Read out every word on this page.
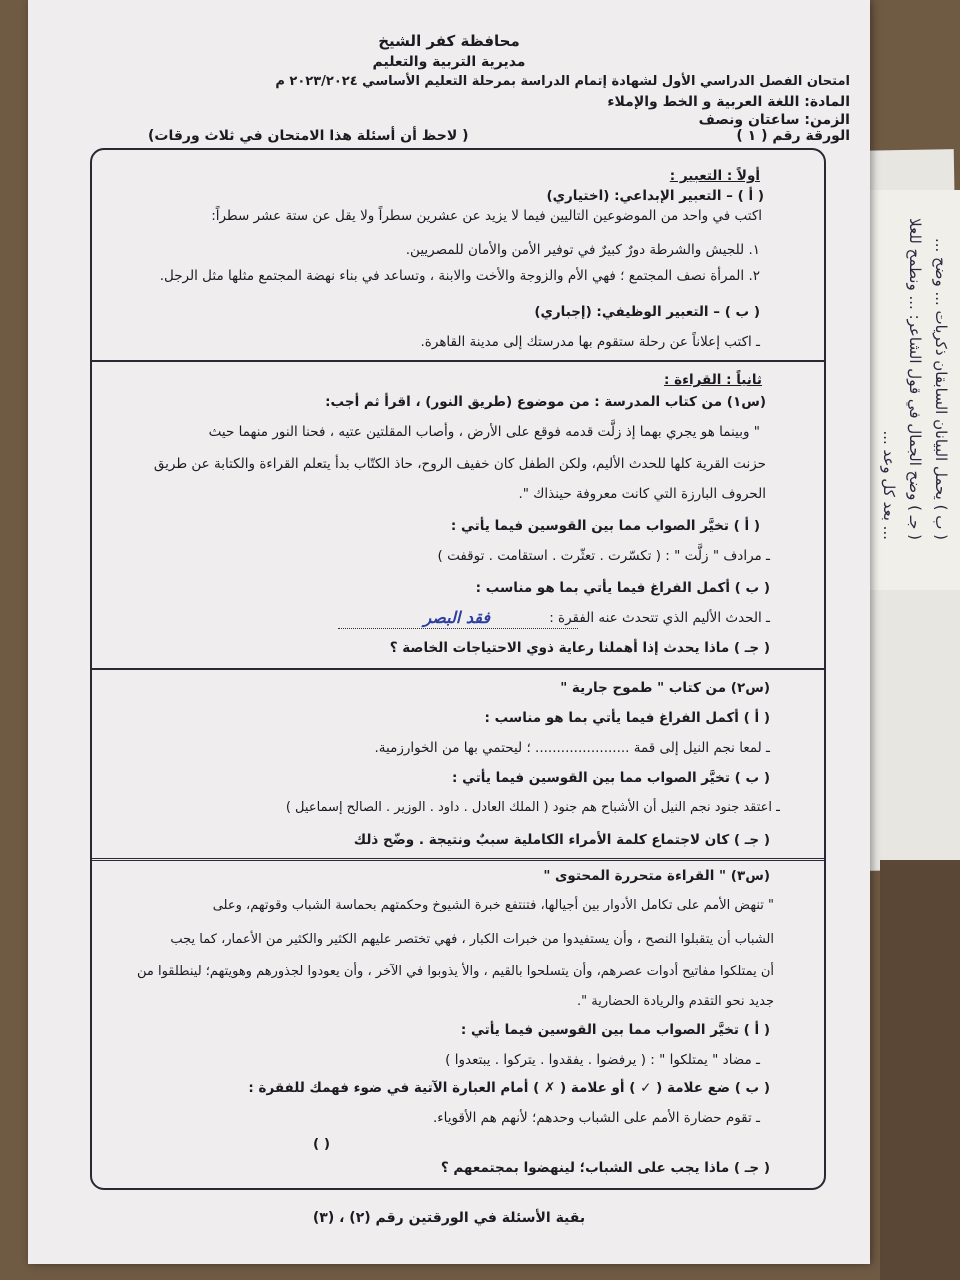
( ب ) يحمل البيانان السابقان ذكريات ... وضح ...
( جـ ) وضح الجمال في قول الشاعر: ... ونطمح للعلا
... بعد كل وعد ...
محافظة كفر الشيخ
مديرية التربية والتعليم
امتحان الفصل الدراسي الأول لشهادة إتمام الدراسة بمرحلة التعليم الأساسي ٢٠٢٣/٢٠٢٤ م
المادة: اللغة العربية و الخط والإملاء
الزمن: ساعتان ونصف
الورقة رقم ( ١ )
( لاحظ أن أسئلة هذا الامتحان في ثلاث ورقات)
أولاً : التعبير :
( أ ) – التعبير الإبداعي: (اختياري)
اكتب في واحد من الموضوعين التاليين فيما لا يزيد عن عشرين سطراً ولا يقل عن ستة عشر سطراً:
١. للجيش والشرطة دورٌ كبيرٌ في توفير الأمن والأمان للمصريين.
٢. المرأة نصف المجتمع ؛ فهي الأم والزوجة والأخت والابنة ، وتساعد في بناء نهضة المجتمع مثلها مثل الرجل.
( ب ) – التعبير الوظيفي: (إجباري)
ـ اكتب إعلاناً عن رحلة ستقوم بها مدرستك إلى مدينة القاهرة.
ثانياً : القراءة :
(س١) من كتاب المدرسة : من موضوع (طريق النور) ، اقرأ ثم أجب:
" وبينما هو يجري بهما إذ زلَّت قدمه فوقع على الأرض ، وأصاب المقلتين عتيه ، فحنا النور منهما حيث
حزنت القرية كلها للحدث الأليم، ولكن الطفل كان خفيف الروح، حاذ الكتّاب بدأ يتعلم القراءة والكتابة عن طريق
الحروف البارزة التي كانت معروفة حينذاك ".
( أ ) تخيَّر الصواب مما بين القوسين فيما يأتي :
ـ مرادف " زلَّت " : ( تكسّرت . تعثّرت . استقامت . توقفت )
( ب ) أكمل الفراغ فيما يأتي بما هو مناسب :
ـ الحدث الأليم الذي تتحدث عنه الفقرة :
فقد البصر
( جـ ) ماذا يحدث إذا أهملنا رعاية ذوي الاحتياجات الخاصة ؟
(س٢) من كتاب " طموح جارية "
( أ ) أكمل الفراغ فيما يأتي بما هو مناسب :
ـ لمعا نجم النيل إلى قمة ...................... ؛ ليحتمي بها من الخوارزمية.
( ب ) تخيَّر الصواب مما بين القوسين فيما يأتي :
ـ اعتقد جنود نجم النيل أن الأشباح هم جنود ( الملك العادل . داود . الوزير . الصالح إسماعيل )
( جـ ) كان لاجتماع كلمة الأمراء الكاملية سببٌ ونتيجة . وضّح ذلك
(س٣) " القراءة متحررة المحتوى "
" تنهض الأمم على تكامل الأدوار بين أجيالها، فتنتفع خبرة الشيوخ وحكمتهم بحماسة الشباب وقوتهم، وعلى
الشباب أن يتقبلوا النصح ، وأن يستفيدوا من خبرات الكبار ، فهي تختصر عليهم الكثير والكثير من الأعمار، كما يجب
أن يمتلكوا مفاتيح أدوات عصرهم، وأن يتسلحوا بالقيم ، والأ يذوبوا في الآخر ، وأن يعودوا لجذورهم وهويتهم؛ لينطلقوا من
جديد نحو التقدم والريادة الحضارية ".
( أ ) تخيَّر الصواب مما بين القوسين فيما يأتي :
ـ مضاد " يمتلكوا " : ( يرفضوا . يفقدوا . يتركوا . يبتعدوا )
( ب ) ضع علامة ( ✓ ) أو علامة ( ✗ ) أمام العبارة الآتية في ضوء فهمك للفقرة :
ـ تقوم حضارة الأمم على الشباب وحدهم؛ لأنهم هم الأقوياء.
( )
( جـ ) ماذا يجب على الشباب؛ لينهضوا بمجتمعهم ؟
بقية الأسئلة في الورقتين رقم (٢) ، (٣)
